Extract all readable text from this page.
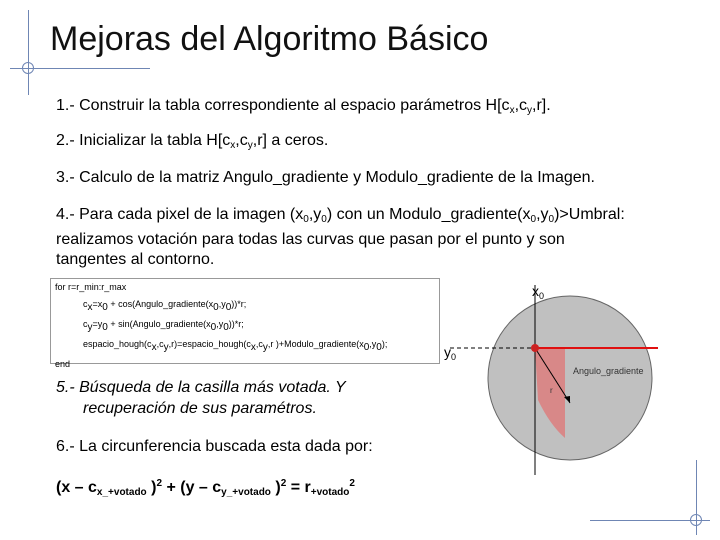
Mejoras del Algoritmo Básico
1.- Construir la tabla correspondiente al espacio parámetros $H[c_x,c_y,r]$.
2.- Inicializar la tabla $H[c_x,c_y,r]$ a ceros.
3.- Calculo de la matriz Angulo_gradiente y Modulo_gradiente de la Imagen.
4.- Para cada pixel de la imagen $(x_0,y_0)$ con un $Modulo\_gradiente(x_0,y_0)>Umbral$:
realizamos votación para todas las curvas que pasan por el punto y son
tangentes al contorno.
for r=r_min:r_max
$c_x=x_0$ + $\cos(Angulo\_gradiente(x_0,y_0))*r$;
$c_y=y_0$ + $\sin(Angulo\_gradiente(x_0,y_0))*r$;
$espacio\_hough(c_x,c_y,r)=espacio\_hough(c_x,c_y,r$ )$+Modulo\_gradiente(x_0,y_0)$;
end
5.- Búsqueda de la casilla más votada. Y
recuperación de sus paramétros.
6.- La circunferencia buscada esta dada por:
($x - c_{x\_+votado}$ )$^2 + (y - c_{y\_+votado}$ )$^2 = r_{+votado}^2$
$x_0$
$y_0$
Angulo_gradiente
r
